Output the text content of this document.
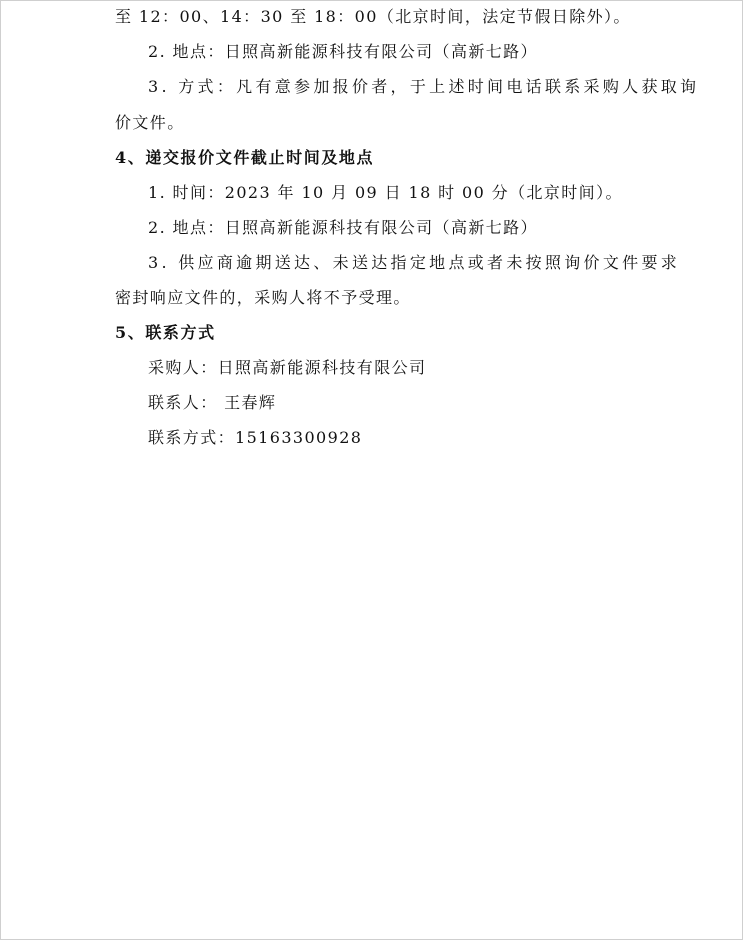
至 12：00、14：30 至 18：00（北京时间，法定节假日除外）。
2. 地点：日照高新能源科技有限公司（高新七路）
3. 方式：凡有意参加报价者，于上述时间电话联系采购人获取询
价文件。
4、递交报价文件截止时间及地点
1. 时间：2023 年 10 月 09 日 18 时 00 分（北京时间）。
2. 地点：日照高新能源科技有限公司（高新七路）
3. 供应商逾期送达、未送达指定地点或者未按照询价文件要求
密封响应文件的，采购人将不予受理。
5、联系方式
采购人：日照高新能源科技有限公司
联系人： 王春辉
联系方式：15163300928
